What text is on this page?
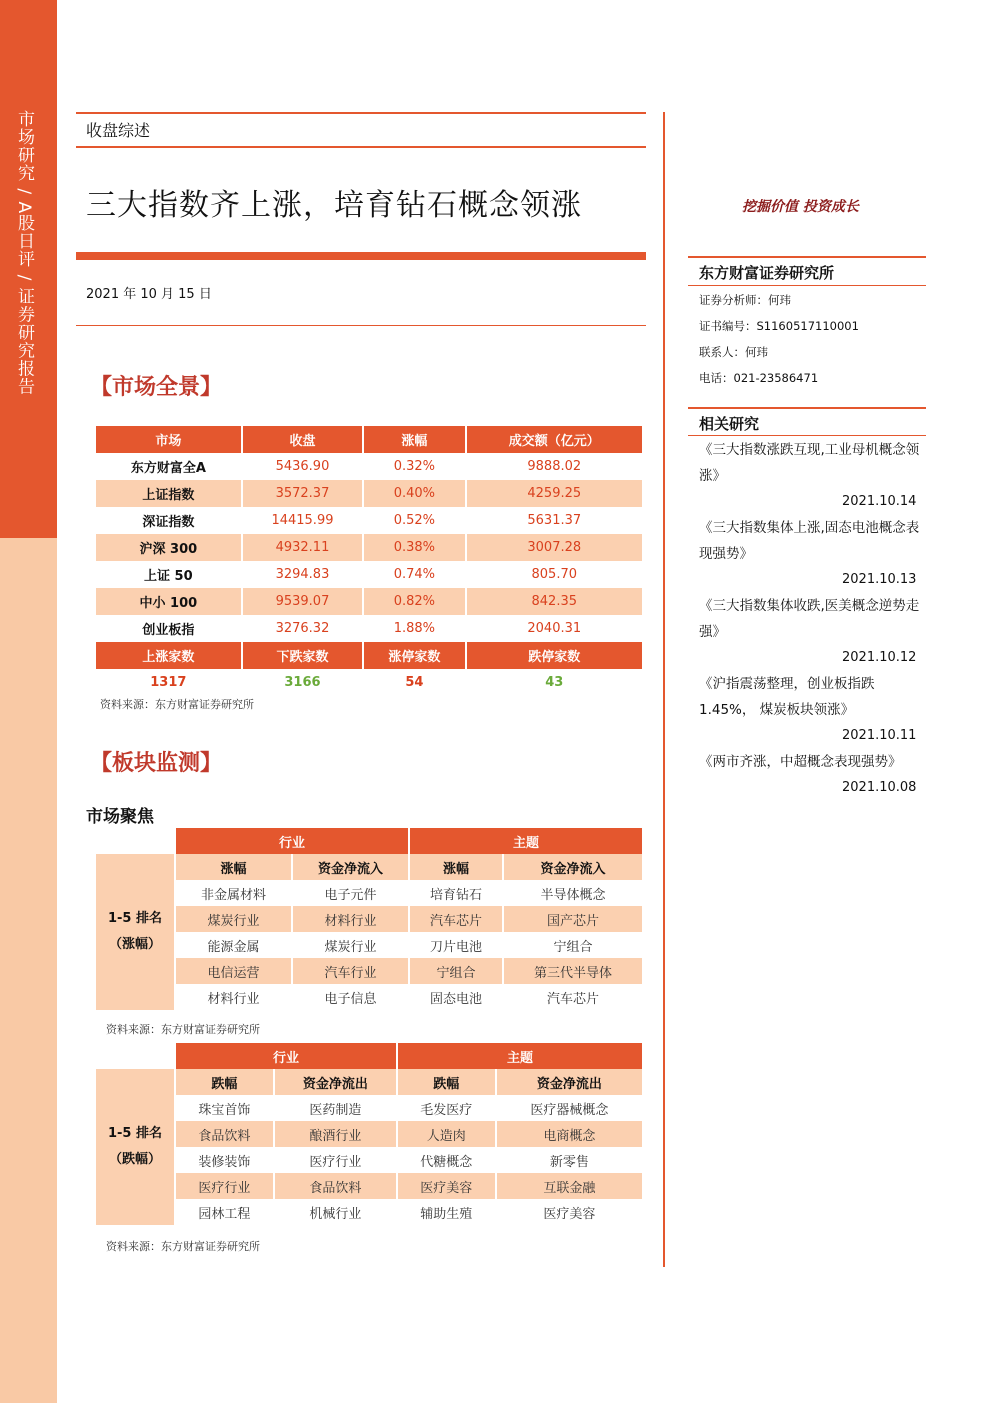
市场研究 / A股日评 / 证券研究报告	收盘综述
三大指数齐上涨，培育钻石概念领涨
2021 年 10 月 15 日
挖掘价值 投资成长
东方财富证券研究所
证券分析师：何玮
证书编号：S1160517110001
联系人：何玮
电话：021-23586471
相关研究
《三大指数涨跌互现,工业母机概念领涨》
2021.10.14
《三大指数集体上涨,固态电池概念表现强势》
2021.10.13
《三大指数集体收跌,医美概念逆势走强》
2021.10.12
《沪指震荡整理，创业板指跌1.45%， 煤炭板块领涨》
2021.10.11
《两市齐涨，中超概念表现强势》
2021.10.08
【市场全景】
市场	收盘	涨幅	成交额（亿元）
东方财富全A	5436.90	0.32%	9888.02
上证指数	3572.37	0.40%	4259.25
深证指数	14415.99	0.52%	5631.37
沪深 300	4932.11	0.38%	3007.28
上证 50	3294.83	0.74%	805.70
中小 100	9539.07	0.82%	842.35
创业板指	3276.32	1.88%	2040.31
上涨家数	下跌家数	涨停家数	跌停家数
1317	3166	54	43
资料来源：东方财富证券研究所
【板块监测】
市场聚焦
	行业		主题	
1-5 排名（涨幅）	涨幅	资金净流入	涨幅	资金净流入
	非金属材料	电子元件	培育钻石	半导体概念
	煤炭行业	材料行业	汽车芯片	国产芯片
	能源金属	煤炭行业	刀片电池	宁组合
	电信运营	汽车行业	宁组合	第三代半导体
	材料行业	电子信息	固态电池	汽车芯片
资料来源：东方财富证券研究所
	行业		主题	
1-5 排名（跌幅）	跌幅	资金净流出	跌幅	资金净流出
	珠宝首饰	医药制造	毛发医疗	医疗器械概念
	食品饮料	酿酒行业	人造肉	电商概念
	装修装饰	医疗行业	代糖概念	新零售
	医疗行业	食品饮料	医疗美容	互联金融
	园林工程	机械行业	辅助生殖	医疗美容
资料来源：东方财富证券研究所
